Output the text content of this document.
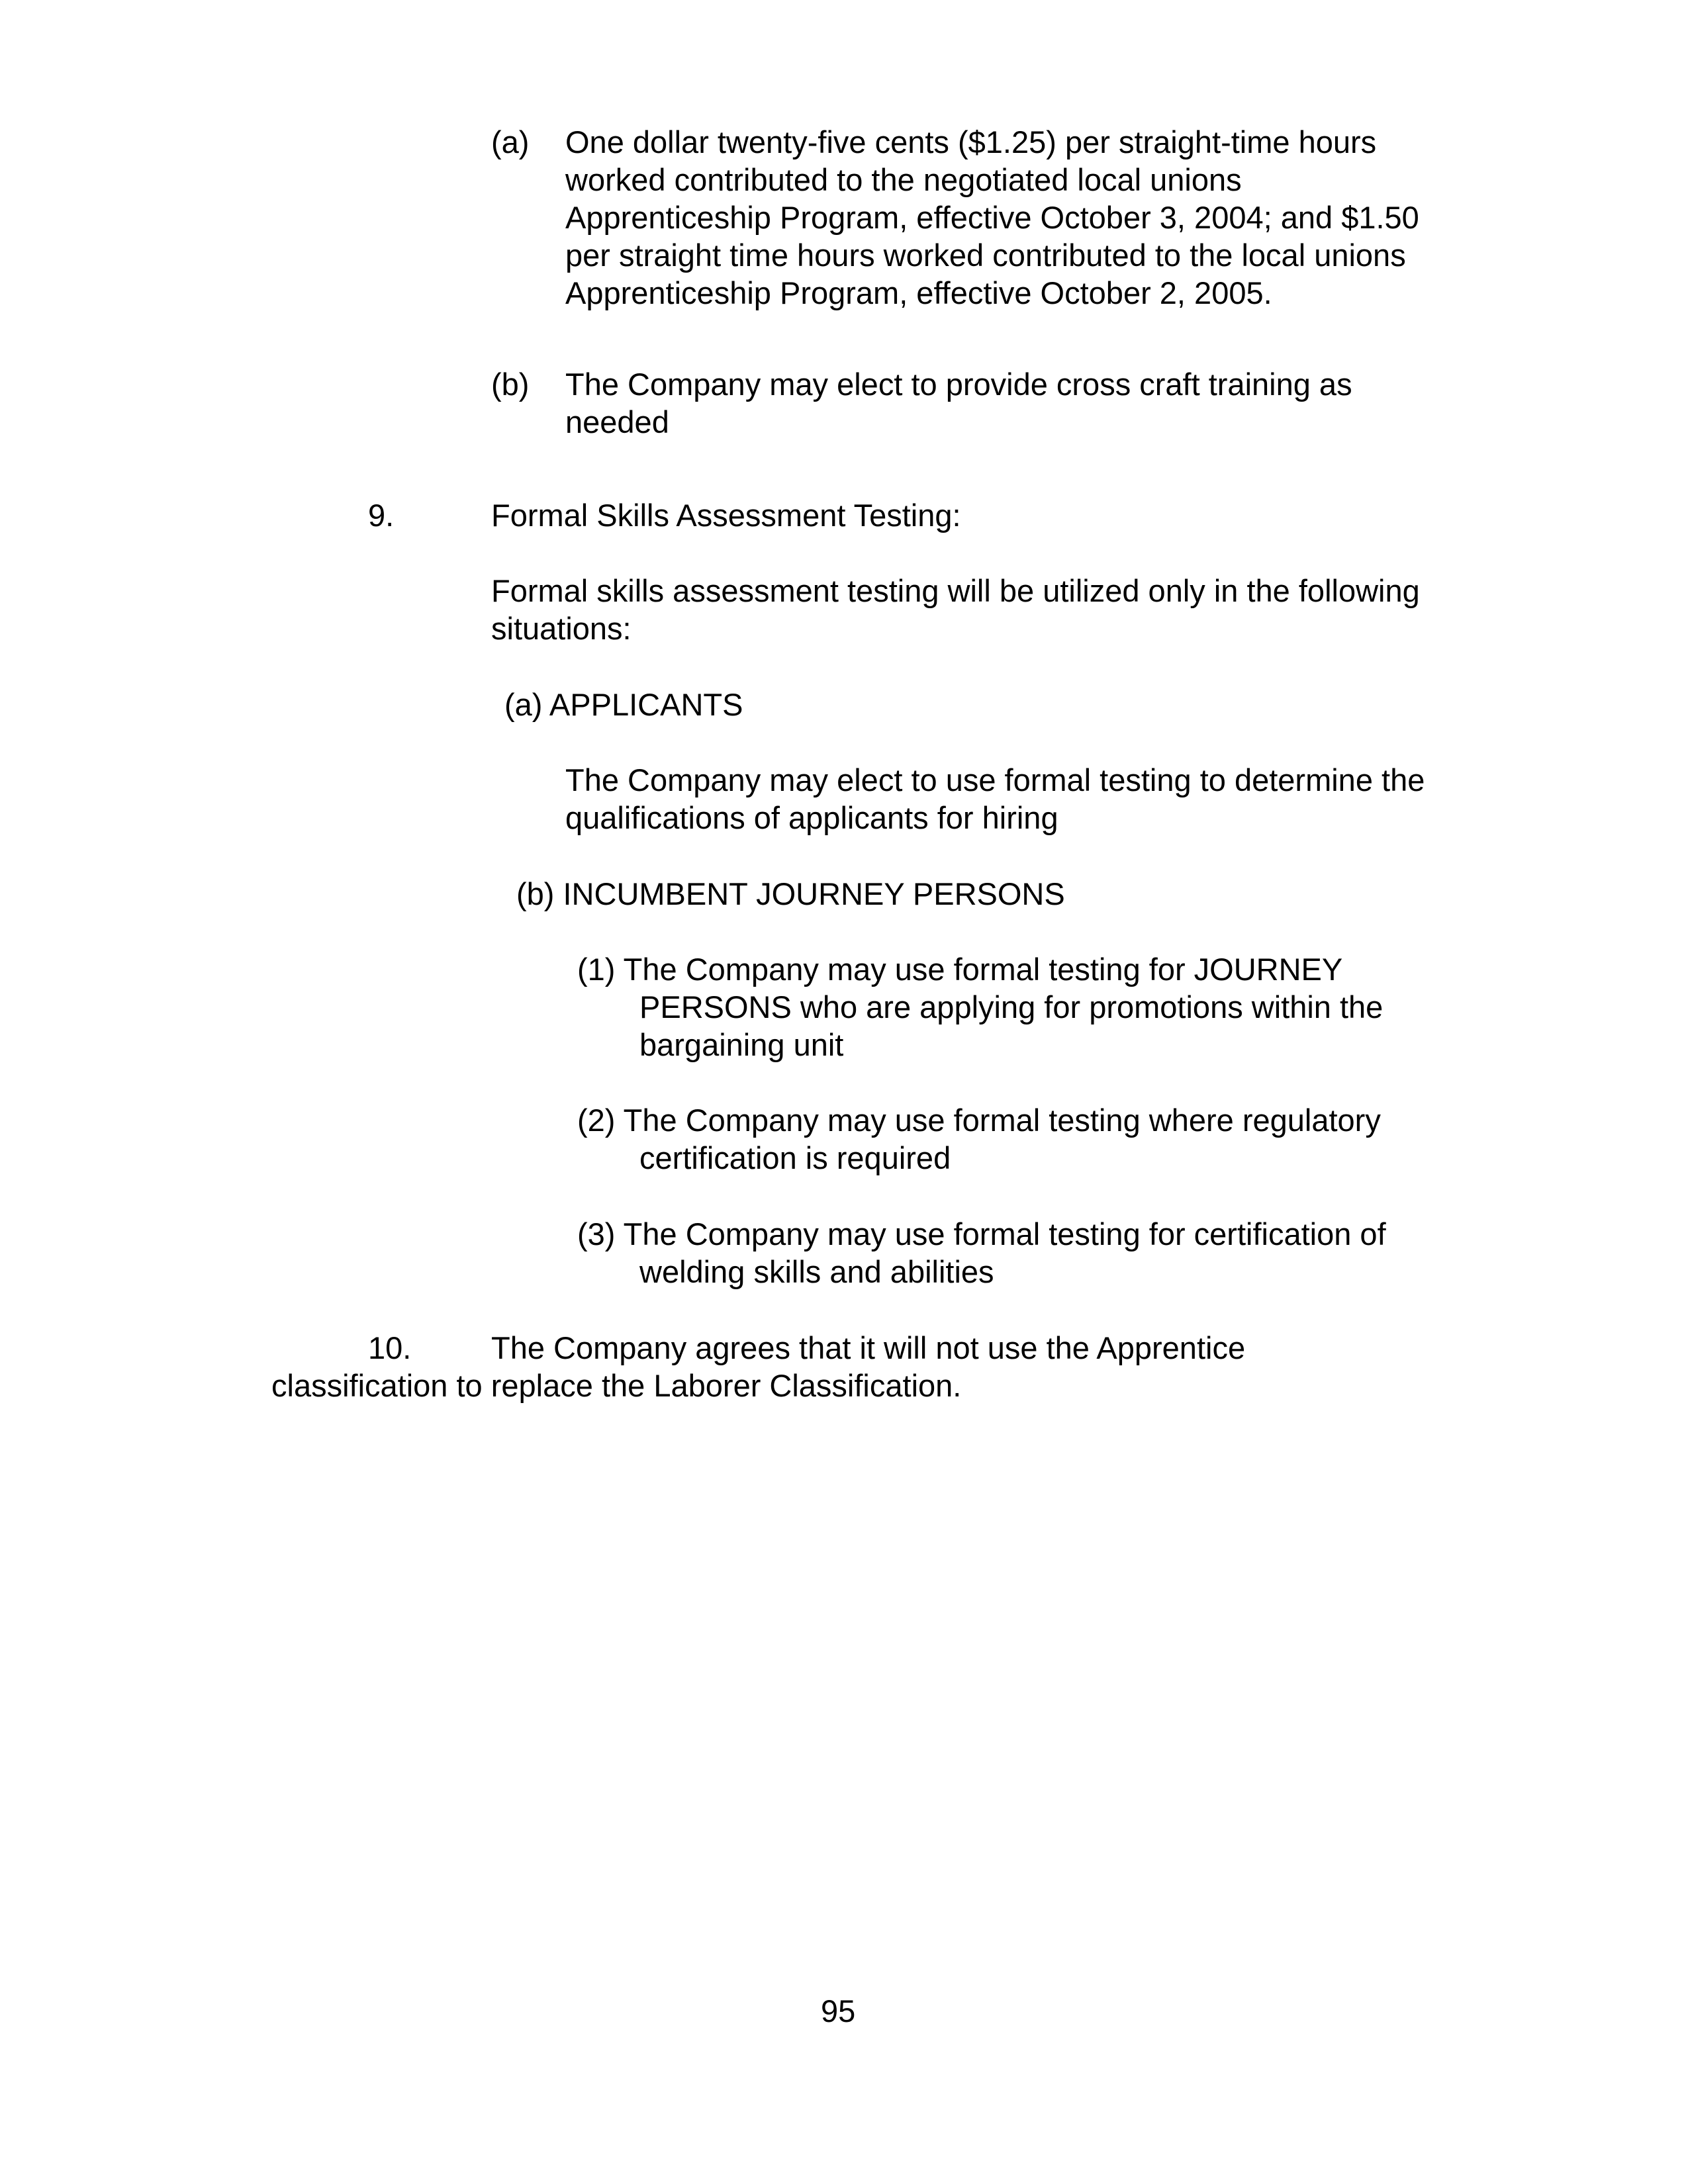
(a) One dollar twenty-five cents ($1.25) per straight-time hours
worked contributed to the negotiated local unions
Apprenticeship Program, effective October 3, 2004; and $1.50
per straight time hours worked contributed to the local unions
Apprenticeship Program, effective October 2, 2005.
(b) The Company may elect to provide cross craft training as
needed
9.	Formal Skills Assessment Testing:
Formal skills assessment testing will be utilized only in the following
situations:
(a) APPLICANTS
The Company may elect to use formal testing to determine the
qualifications of applicants for hiring
(b) INCUMBENT JOURNEY PERSONS
(1) The Company may use formal testing for JOURNEY
PERSONS who are applying for promotions within the
bargaining unit
(2) The Company may use formal testing where regulatory
certification is required
(3) The Company may use formal testing for certification of
welding skills and abilities
10.	The Company agrees that it will not use the Apprentice
classification to replace the Laborer Classification.
95
